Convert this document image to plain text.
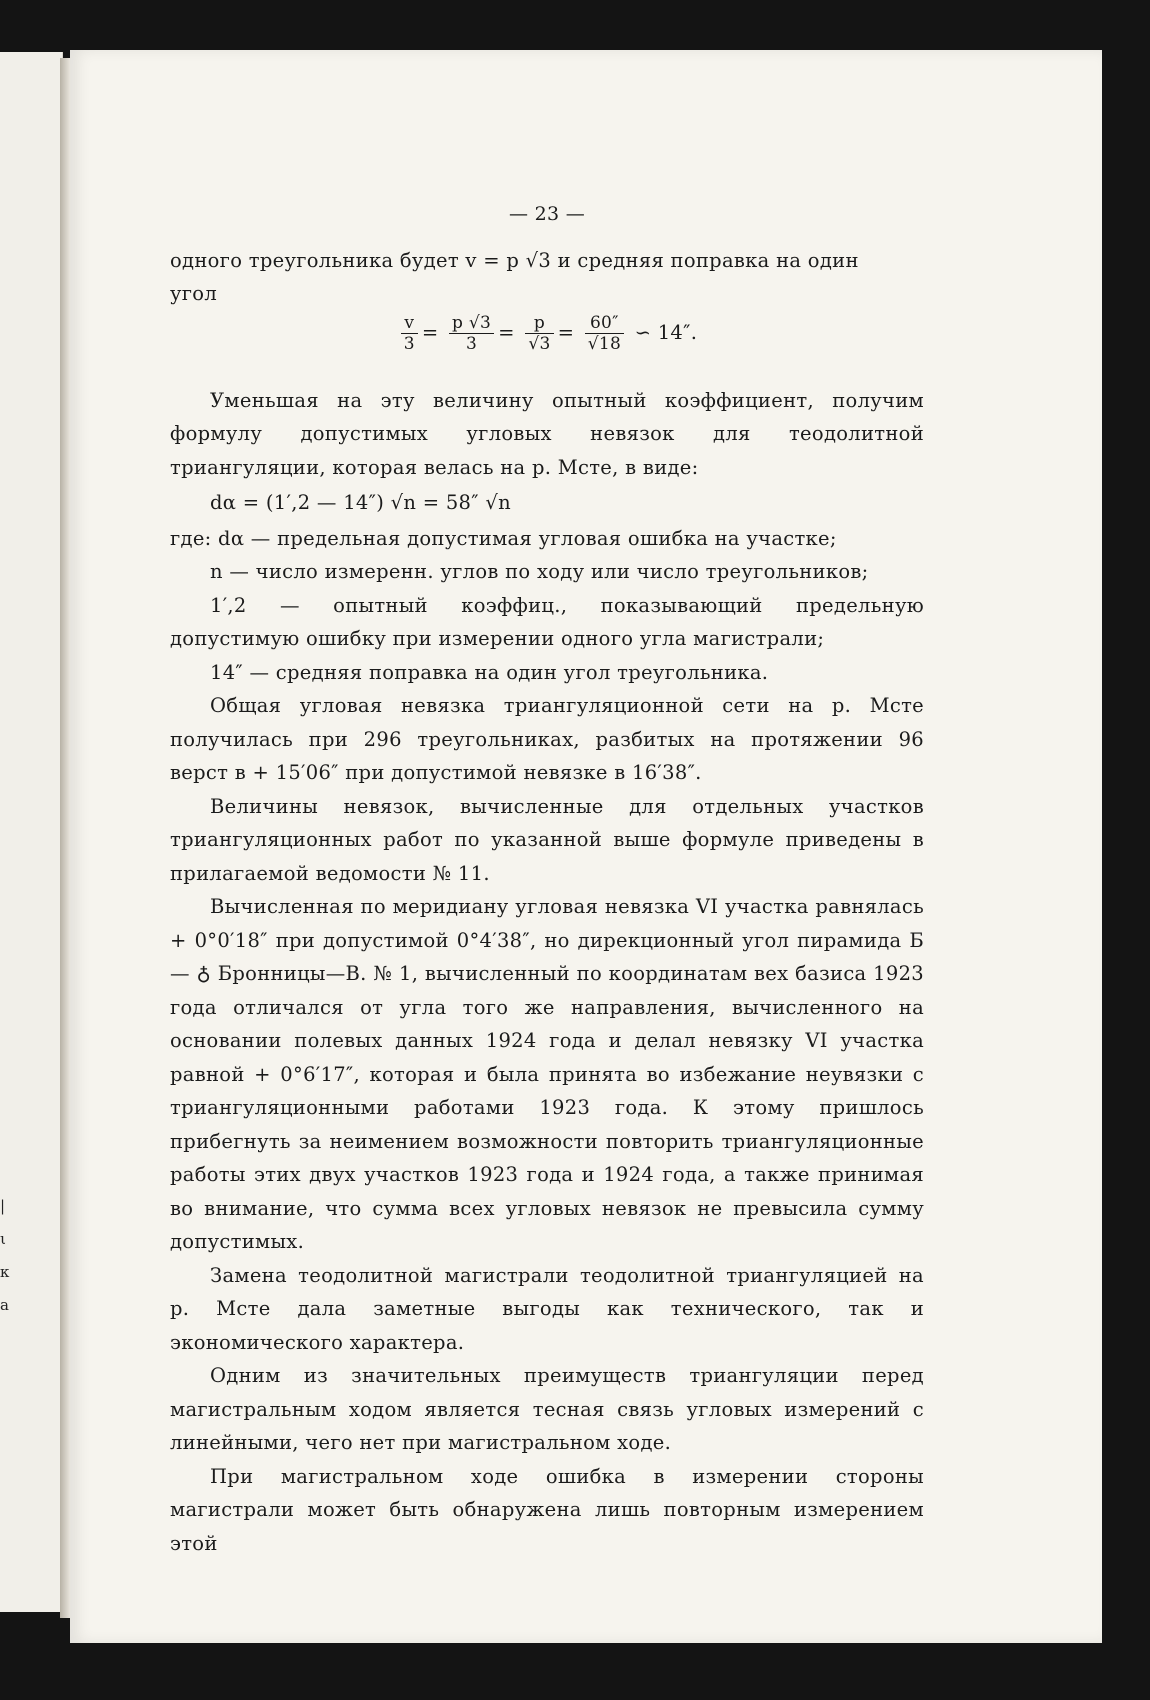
|
ι
κ
а
— 23 —

одного треугольника будет v = p √3 и средняя поправка на один

угол

$\frac{v}{3} = \frac{p √3}{3} = \frac{p}{√3} = \frac{60''}{√18}$ ∽ 14″.

Уменьшая на эту величину опытный коэффициент, получим формулу допустимых угловых невязок для теодолитной триангуляции, которая велась на р. Мсте, в виде:

dα = (1′,2 — 14″) √n = 58″ √n

где: dα — предельная допустимая угловая ошибка на участке;

n — число измеренн. углов по ходу или число треугольников;

1′,2 — опытный коэффиц., показывающий предельную допустимую ошибку при измерении одного угла магистрали;

14″ — средняя поправка на один угол треугольника.

Общая угловая невязка триангуляционной сети на р. Мсте получилась при 296 треугольниках, разбитых на протяжении 96 верст в + 15′06″ при допустимой невязке в 16′38″.

Величины невязок, вычисленные для отдельных участков триангуляционных работ по указанной выше формуле приведены в прилагаемой ведомости № 11.

Вычисленная по меридиану угловая невязка VI участка равнялась + 0°0′18″ при допустимой 0°4′38″, но дирекционный угол пирамида Б— ♁ Бронницы—В. № 1, вычисленный по координатам вех базиса 1923 года отличался от угла того же направления, вычисленного на основании полевых данных 1924 года и делал невязку VI участка равной + 0°6′17″, которая и была принята во избежание неувязки с триангуляционными работами 1923 года. К этому пришлось прибегнуть за неимением возможности повторить триангуляционные работы этих двух участков 1923 года и 1924 года, а также принимая во внимание, что сумма всех угловых невязок не превысила сумму допустимых.

Замена теодолитной магистрали теодолитной триангуляцией на р. Мсте дала заметные выгоды как технического, так и экономического характера.

Одним из значительных преимуществ триангуляции перед магистральным ходом является тесная связь угловых измерений с линейными, чего нет при магистральном ходе.

При магистральном ходе ошибка в измерении стороны магистрали может быть обнаружена лишь повторным измерением этой
